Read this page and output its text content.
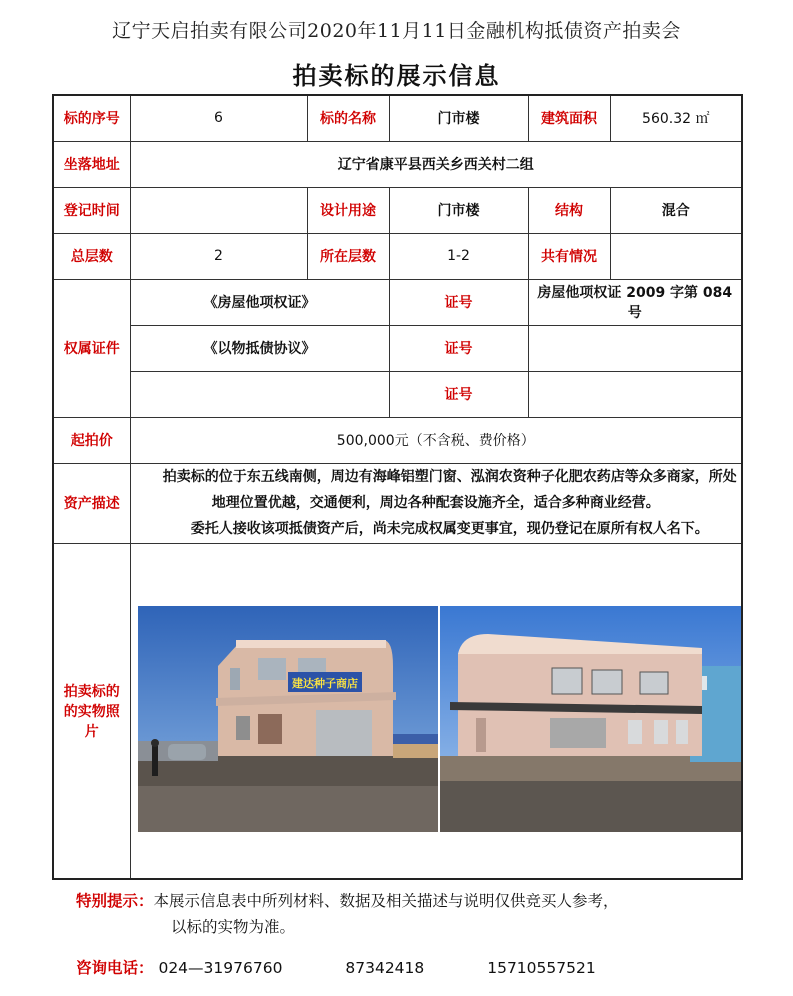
辽宁天启拍卖有限公司2020年11月11日金融机构抵债资产拍卖会
拍卖标的展示信息
标的序号	6	标的名称	门市楼	建筑面积	560.32 ㎡
坐落地址	辽宁省康平县西关乡西关村二组				
登记时间		设计用途	门市楼	结构	混合
总层数	2	所在层数	1-2	共有情况	
权属证件	《房屋他项权证》		证号	房屋他项权证 2009 字第 084 号	
	《以物抵债协议》		证号		
			证号		
起拍价	500,000元（不含税、费价格）				
资产描述	拍卖标的位于东五线南侧，周边有海峰铝塑门窗、泓润农资种子化肥农药店等众多商家，所处地理位置优越，交通便利，周边各种配套设施齐全，适合多种商业经营。

委托人接收该项抵债资产后，尚未完成权属变更事宜，现仍登记在原所有权人名下。				

拍卖标的的实物照片	建达种子商店				
特别提示：本展示信息表中所列材料、数据及相关描述与说明仅供竞买人参考，
以标的实物为准。
咨询电话： 024—31976760	87342418	15710557521
